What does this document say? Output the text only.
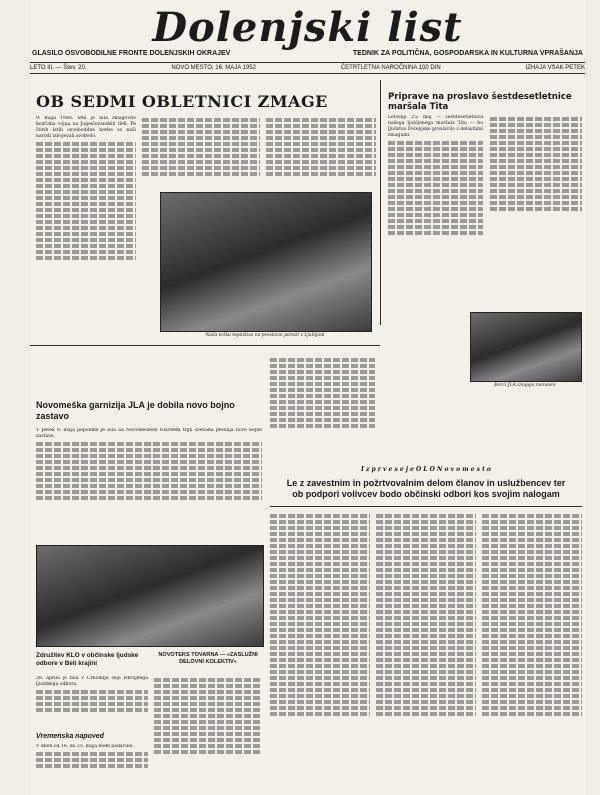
Dolenjski list
GLASILO OSVOBODILNE FRONTE DOLENJSKIH OKRAJEV	TEDNIK ZA POLITIČNA, GOSPODARSKA IN KULTURNA VPRAŠANJA
LETO III. — Štev. 20.	NOVO MESTO, 16. MAJA 1952	ČETRTLETNA NAROČNINA 100 DIN	IZHAJA VSAK PETEK
OB SEDMI OBLETNICI ZMAGE
9. maja 1945. leta je bila zmagovito končana vojna na Jugoslovanskih tleh. Po štirih letih osvobodilne borbe so naši narodi izbojevali svobodo.
Naša težka topništva na proslavni paradi v Ljubljani
Priprave na proslavo šestdesetletnice maršala Tita
Letošnji 25. maj — šestdesetletnica našega ljubljenega maršala Tita — bo ljudstvo Dolenjske proslavilo z delovnimi zmagami.
Borci JLA izvajajo manevre
Novomeška garnizija JLA je dobila novo bojno zastavo
V petek 9. maja popoldne je bila na Novomeškem Glavnem trgu svečana predaja nove bojne zastave.
I z p r v e s e j e O L O N o v o m e s t o
Le z zavestnim in požrtvovalnim delom članov in uslužbencev ter
ob podpori volivcev bodo občinski odbori kos svojim nalogam
Združitev KLO v občinske ljudske odbore v Beli krajini
28. aprila je bila v Črnomlju seja Okrajnega ljudskega odbora.
NOVOTEKS TOVARNA — »ZASLUŽNI DELOVNI KOLEKTIV«
Vremenska napoved
V dneh od 16. do 25. maja bodo padavine.
